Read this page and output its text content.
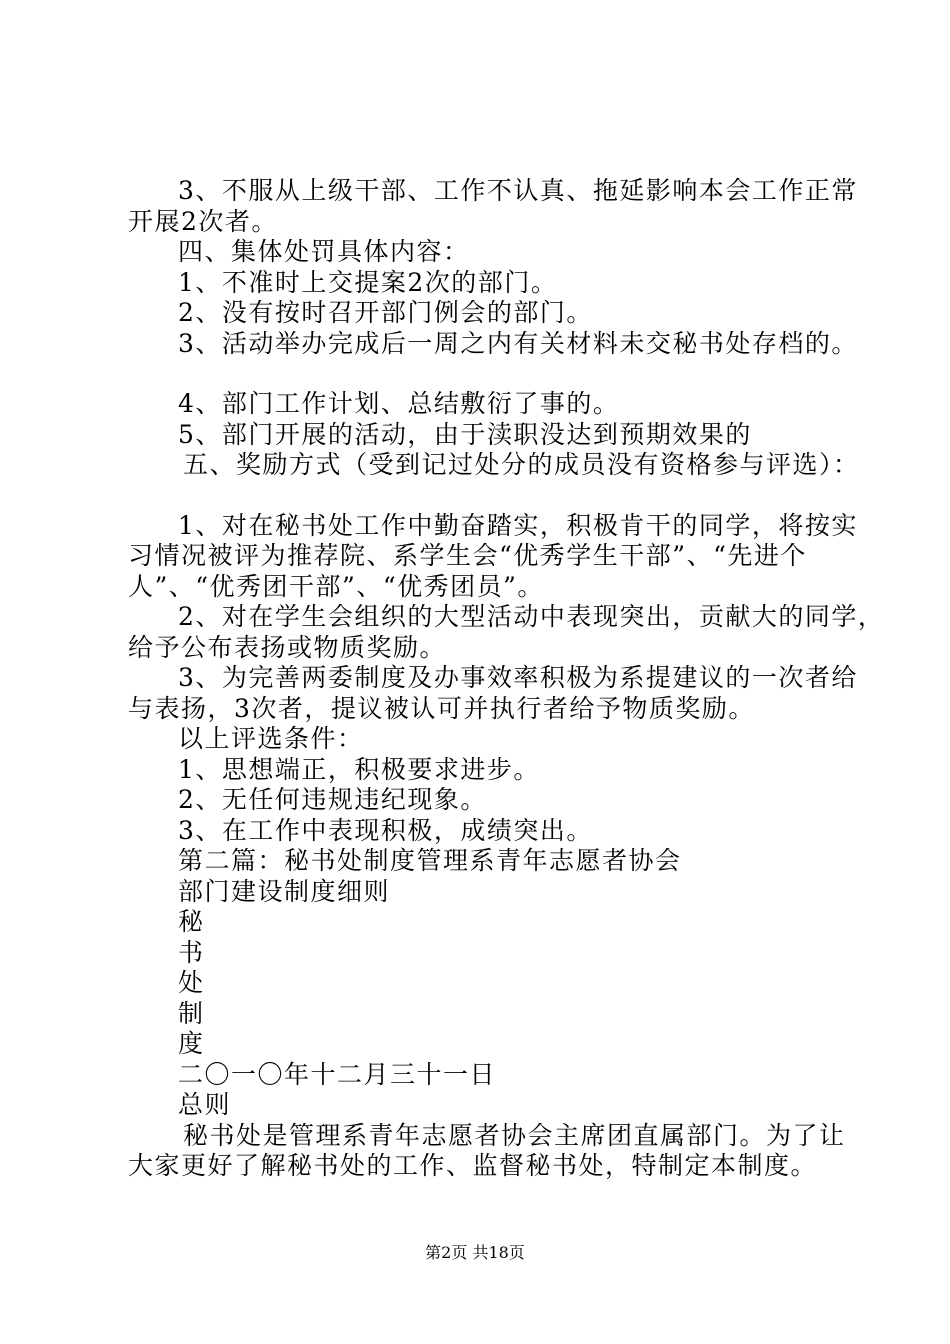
3、不服从上级干部、工作不认真、拖延影响本会工作正常
开展2次者。
四、集体处罚具体内容：
1、不准时上交提案2次的部门。
2、没有按时召开部门例会的部门。
3、活动举办完成后一周之内有关材料未交秘书处存档的。
4、部门工作计划、总结敷衍了事的。
5、部门开展的活动，由于渎职没达到预期效果的
五、奖励方式（受到记过处分的成员没有资格参与评选）：
1、对在秘书处工作中勤奋踏实，积极肯干的同学，将按实
习情况被评为推荐院、系学生会“优秀学生干部”、“先进个
人”、“优秀团干部”、“优秀团员”。
2、对在学生会组织的大型活动中表现突出，贡献大的同学，
给予公布表扬或物质奖励。
3、为完善两委制度及办事效率积极为系提建议的一次者给
与表扬，3次者，提议被认可并执行者给予物质奖励。
以上评选条件：
1、思想端正，积极要求进步。
2、无任何违规违纪现象。
3、在工作中表现积极，成绩突出。
第二篇：秘书处制度管理系青年志愿者协会
部门建设制度细则
秘
书
处
制
度
二〇一〇年十二月三十一日
总则
秘书处是管理系青年志愿者协会主席团直属部门。为了让
大家更好了解秘书处的工作、监督秘书处，特制定本制度。
第2页 共18页
